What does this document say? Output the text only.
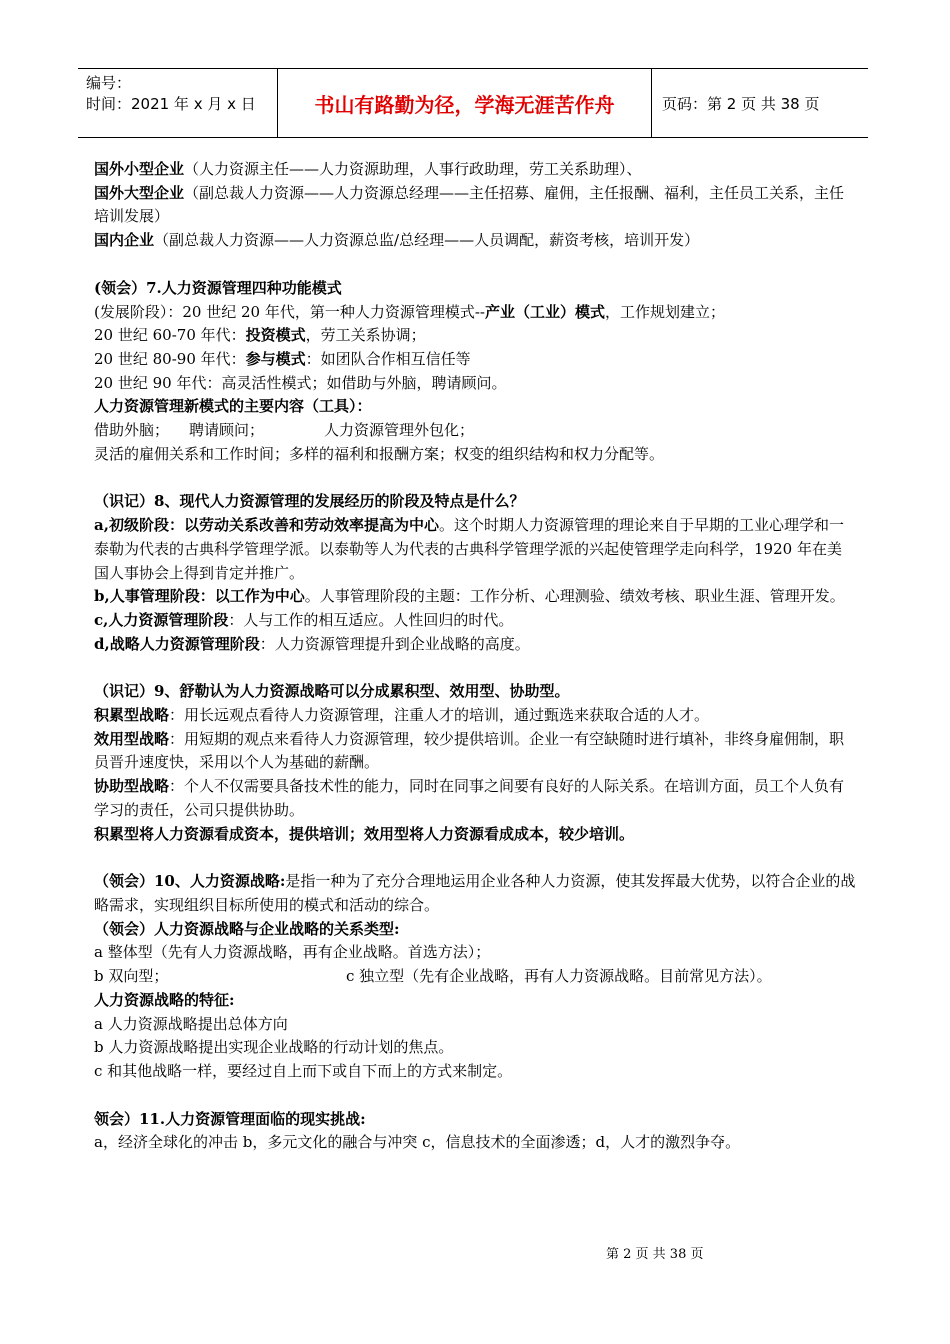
编号：
时间：2021 年 x 月 x 日	书山有路勤为径，学海无涯苦作舟	页码：第 2 页 共 38 页

国外小型企业（人力资源主任——人力资源助理，人事行政助理，劳工关系助理）、

国外大型企业（副总裁人力资源——人力资源总经理——主任招募、雇佣，主任报酬、福利，主任员工关系，主任培训发展）

国内企业（副总裁人力资源——人力资源总监/总经理——人员调配，薪资考核，培训开发）

(领会）7.人力资源管理四种功能模式

(发展阶段）：20 世纪 20 年代，第一种人力资源管理模式--产业（工业）模式，工作规划建立；

20 世纪 60-70 年代：投资模式，劳工关系协调；

20 世纪 80-90 年代：参与模式：如团队合作相互信任等

20 世纪 90 年代：高灵活性模式；如借助与外脑，聘请顾问。

人力资源管理新模式的主要内容（工具）：

借助外脑； 聘请顾问；	人力资源管理外包化；

灵活的雇佣关系和工作时间；多样的福利和报酬方案；权变的组织结构和权力分配等。

（识记）8、现代人力资源管理的发展经历的阶段及特点是什么？

a,初级阶段：以劳动关系改善和劳动效率提高为中心。这个时期人力资源管理的理论来自于早期的工业心理学和一泰勒为代表的古典科学管理学派。以泰勒等人为代表的古典科学管理学派的兴起使管理学走向科学，1920 年在美国人事协会上得到肯定并推广。

b,人事管理阶段：以工作为中心。人事管理阶段的主题：工作分析、心理测验、绩效考核、职业生涯、管理开发。

c,人力资源管理阶段：人与工作的相互适应。人性回归的时代。

d,战略人力资源管理阶段：人力资源管理提升到企业战略的高度。

（识记）9、舒勒认为人力资源战略可以分成累积型、效用型、协助型。

积累型战略：用长远观点看待人力资源管理，注重人才的培训，通过甄选来获取合适的人才。

效用型战略：用短期的观点来看待人力资源管理，较少提供培训。企业一有空缺随时进行填补，非终身雇佣制，职员晋升速度快，采用以个人为基础的薪酬。

协助型战略：个人不仅需要具备技术性的能力，同时在同事之间要有良好的人际关系。在培训方面，员工个人负有学习的责任，公司只提供协助。

积累型将人力资源看成资本，提供培训；效用型将人力资源看成成本，较少培训。

（领会）10、人力资源战略:是指一种为了充分合理地运用企业各种人力资源，使其发挥最大优势，以符合企业的战略需求，实现组织目标所使用的模式和活动的综合。

（领会）人力资源战略与企业战略的关系类型:

a 整体型（先有人力资源战略，再有企业战略。首选方法）；

b 双向型；	c 独立型（先有企业战略，再有人力资源战略。目前常见方法）。

人力资源战略的特征:

a 人力资源战略提出总体方向

b 人力资源战略提出实现企业战略的行动计划的焦点。

c 和其他战略一样，要经过自上而下或自下而上的方式来制定。

领会）11.人力资源管理面临的现实挑战:

a，经济全球化的冲击 b，多元文化的融合与冲突 c，信息技术的全面渗透；d，人才的激烈争夺。

第 2 页 共 38 页
